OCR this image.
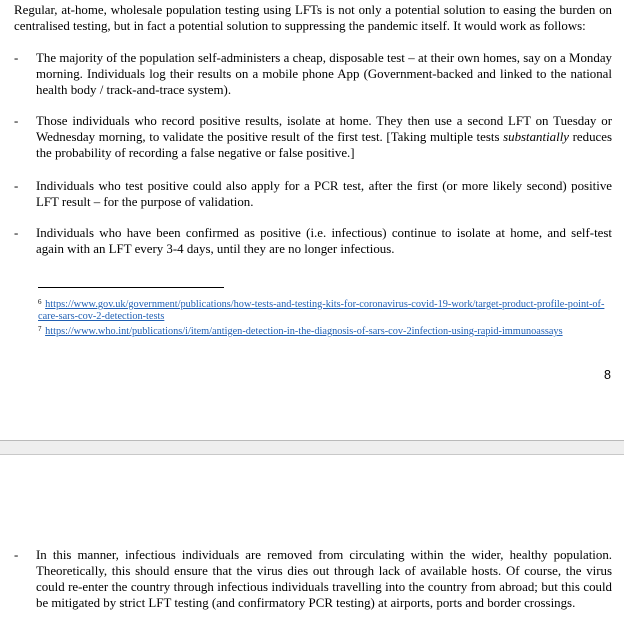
Regular, at-home, wholesale population testing using LFTs is not only a potential solution to easing the burden on centralised testing, but in fact a potential solution to suppressing the pandemic itself. It would work as follows:

- The majority of the population self-administers a cheap, disposable test – at their own homes, say on a Monday morning. Individuals log their results on a mobile phone App (Government-backed and linked to the national health body / track-and-trace system).
- Those individuals who record positive results, isolate at home. They then use a second LFT on Tuesday or Wednesday morning, to validate the positive result of the first test. [Taking multiple tests substantially reduces the probability of recording a false negative or false positive.]
- Individuals who test positive could also apply for a PCR test, after the first (or more likely second) positive LFT result – for the purpose of validation.
- Individuals who have been confirmed as positive (i.e. infectious) continue to isolate at home, and self-test again with an LFT every 3-4 days, until they are no longer infectious.
$^6$ https://www.gov.uk/government/publications/how-tests-and-testing-kits-for-coronavirus-covid-19-work/target-product-profile-point-of-care-sars-cov-2-detection-tests
$^7$ https://www.who.int/publications/i/item/antigen-detection-in-the-diagnosis-of-sars-cov-2infection-using-rapid-immunoassays
8
- In this manner, infectious individuals are removed from circulating within the wider, healthy population. Theoretically, this should ensure that the virus dies out through lack of available hosts. Of course, the virus could re-enter the country through infectious individuals travelling into the country from abroad; but this could be mitigated by strict LFT testing (and confirmatory PCR testing) at airports, ports and border crossings.
